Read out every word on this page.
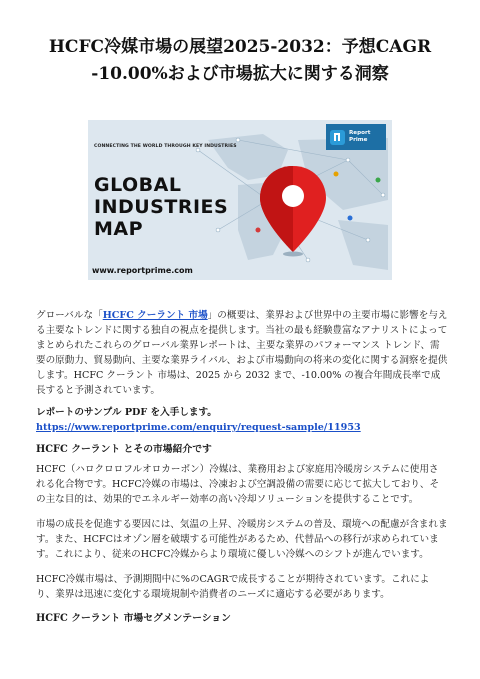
HCFC冷媒市場の展望2025-2032：予想CAGR -10.00%および市場拡大に関する洞察
CONNECTING THE WORLD THROUGH KEY INDUSTRIES
GLOBAL
INDUSTRIES
MAP
www.reportprime.com
Report
Prime

グローバルな「HCFC クーラント 市場」の概要は、業界および世界中の主要市場に影響を与える主要なトレンドに関する独自の視点を提供します。当社の最も経験豊富なアナリストによってまとめられたこれらのグローバル業界レポートは、主要な業界のパフォーマンス トレンド、需要の原動力、貿易動向、主要な業界ライバル、および市場動向の将来の変化に関する洞察を提供します。HCFC クーラント 市場は、2025 から 2032 まで、-10.00% の複合年間成長率で成長すると予測されています。

レポートのサンプル PDF を入手します。https://www.reportprime.com/enquiry/request-sample/11953

HCFC クーラント とその市場紹介です

HCFC（ハロクロロフルオロカーボン）冷媒は、業務用および家庭用冷暖房システムに使用される化合物です。HCFC冷媒の市場は、冷凍および空調設備の需要に応じて拡大しており、その主な目的は、効果的でエネルギー効率の高い冷却ソリューションを提供することです。

市場の成長を促進する要因には、気温の上昇、冷暖房システムの普及、環境への配慮が含まれます。また、HCFCはオゾン層を破壊する可能性があるため、代替品への移行が求められています。これにより、従来のHCFC冷媒からより環境に優しい冷媒へのシフトが進んでいます。

HCFC冷媒市場は、予測期間中に%のCAGRで成長することが期待されています。これにより、業界は迅速に変化する環境規制や消費者のニーズに適応する必要があります。

HCFC クーラント 市場セグメンテーション
